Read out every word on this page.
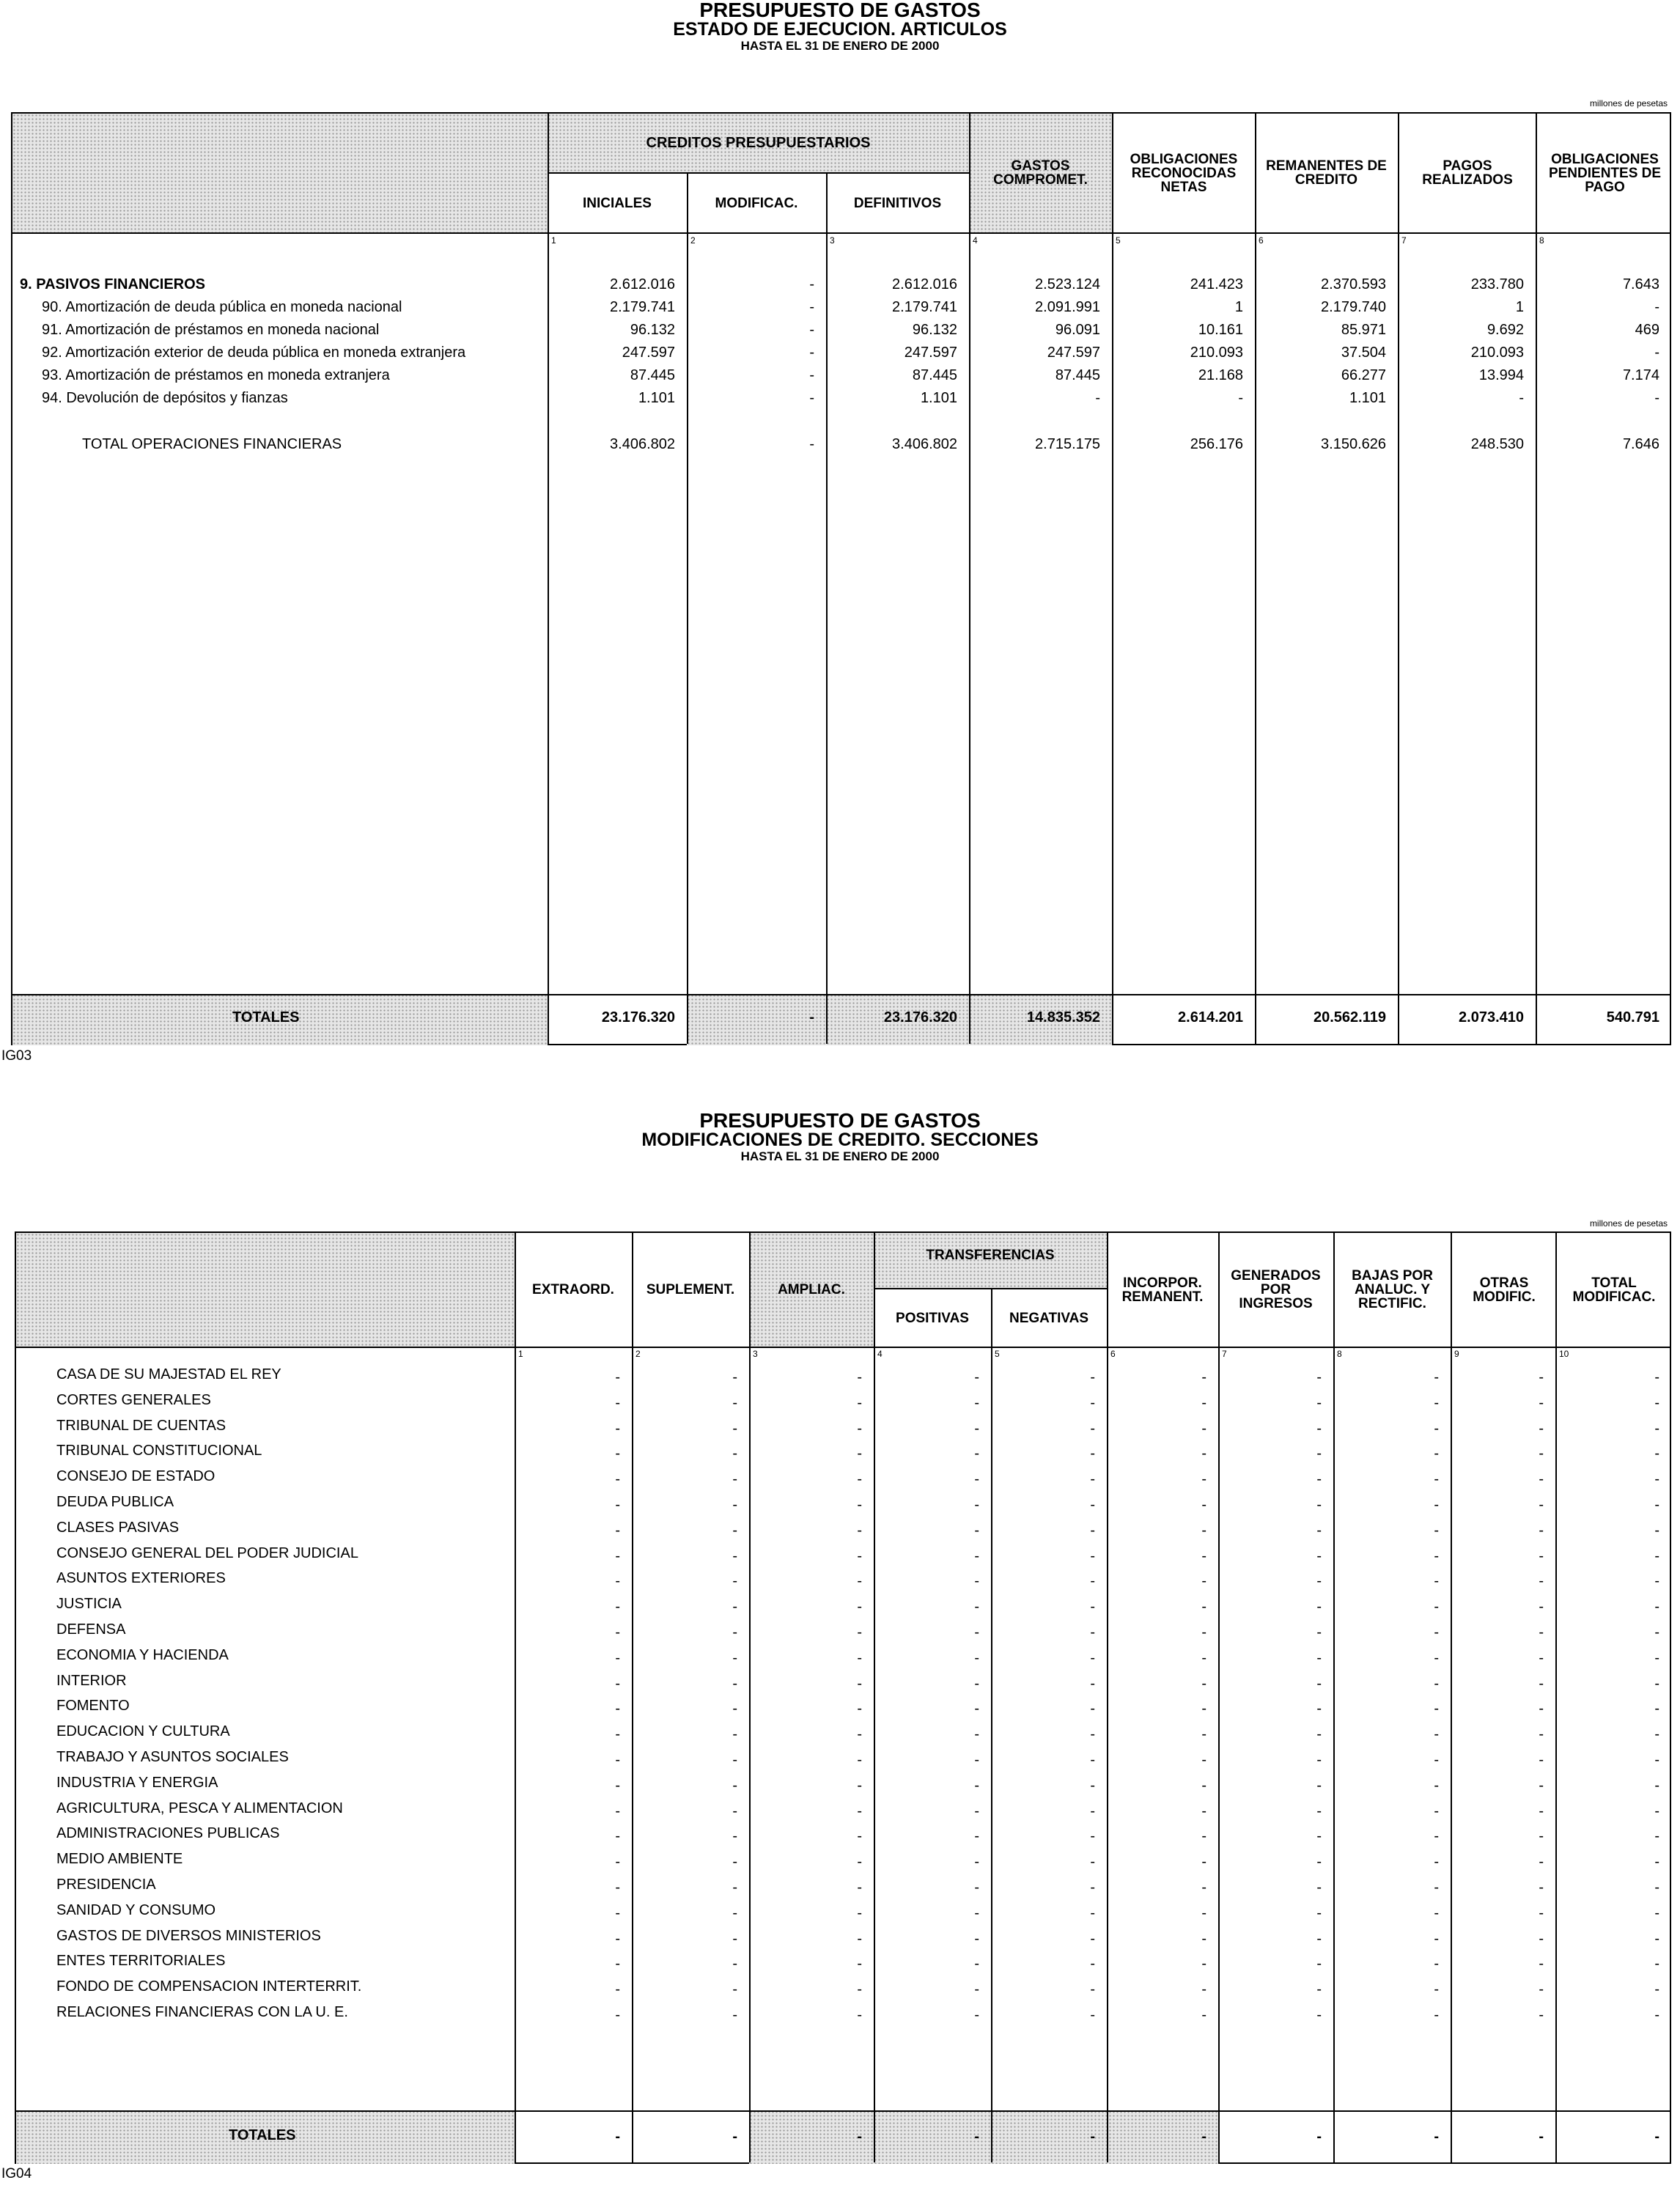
PRESUPUESTO DE GASTOS
ESTADO DE EJECUCION. ARTICULOS
HASTA EL 31 DE ENERO DE 2000
millones de pesetas
CREDITOS PRESUPUESTARIOS
INICIALES	MODIFICAC.	DEFINITIVOS
GASTOS COMPROMET.
OBLIGACIONES RECONOCIDAS NETAS
REMANENTES DE CREDITO
PAGOS REALIZADOS
OBLIGACIONES PENDIENTES DE PAGO
1	2	3	4	5	6	7	8
9. PASIVOS FINANCIEROS	2.612.016	-	2.612.016	2.523.124	241.423	2.370.593	233.780	7.643
90. Amortización de deuda pública en moneda nacional	2.179.741	-	2.179.741	2.091.991	1	2.179.740	1	-
91. Amortización de préstamos en moneda nacional	96.132	-	96.132	96.091	10.161	85.971	9.692	469
92. Amortización exterior de deuda pública en moneda extranjera	247.597	-	247.597	247.597	210.093	37.504	210.093	-
93. Amortización de préstamos en moneda extranjera	87.445	-	87.445	87.445	21.168	66.277	13.994	7.174
94. Devolución de depósitos y fianzas	1.101	-	1.101	-	-	1.101	-	-
TOTAL OPERACIONES FINANCIERAS	3.406.802	-	3.406.802	2.715.175	256.176	3.150.626	248.530	7.646
TOTALES	23.176.320	-	23.176.320	14.835.352	2.614.201	20.562.119	2.073.410	540.791
IG03
PRESUPUESTO DE GASTOS
MODIFICACIONES DE CREDITO. SECCIONES
HASTA EL 31 DE ENERO DE 2000
millones de pesetas
EXTRAORD.	SUPLEMENT.	AMPLIAC.
TRANSFERENCIAS
POSITIVAS	NEGATIVAS
INCORPOR. REMANENT.
GENERADOS POR INGRESOS
BAJAS POR ANALUC. Y RECTIFIC.
OTRAS MODIFIC.
TOTAL MODIFICAC.
1	2	3	4	5	6	7	8	9	10
CASA DE SU MAJESTAD EL REY	-	-	-	-	-	-	-	-	-	-
CORTES GENERALES	-	-	-	-	-	-	-	-	-	-
TRIBUNAL DE CUENTAS	-	-	-	-	-	-	-	-	-	-
TRIBUNAL CONSTITUCIONAL	-	-	-	-	-	-	-	-	-	-
CONSEJO DE ESTADO	-	-	-	-	-	-	-	-	-	-
DEUDA PUBLICA	-	-	-	-	-	-	-	-	-	-
CLASES PASIVAS	-	-	-	-	-	-	-	-	-	-
CONSEJO GENERAL DEL PODER JUDICIAL	-	-	-	-	-	-	-	-	-	-
ASUNTOS EXTERIORES	-	-	-	-	-	-	-	-	-	-
JUSTICIA	-	-	-	-	-	-	-	-	-	-
DEFENSA	-	-	-	-	-	-	-	-	-	-
ECONOMIA Y HACIENDA	-	-	-	-	-	-	-	-	-	-
INTERIOR	-	-	-	-	-	-	-	-	-	-
FOMENTO	-	-	-	-	-	-	-	-	-	-
EDUCACION Y CULTURA	-	-	-	-	-	-	-	-	-	-
TRABAJO Y ASUNTOS SOCIALES	-	-	-	-	-	-	-	-	-	-
INDUSTRIA Y ENERGIA	-	-	-	-	-	-	-	-	-	-
AGRICULTURA, PESCA Y ALIMENTACION	-	-	-	-	-	-	-	-	-	-
ADMINISTRACIONES PUBLICAS	-	-	-	-	-	-	-	-	-	-
MEDIO AMBIENTE	-	-	-	-	-	-	-	-	-	-
PRESIDENCIA	-	-	-	-	-	-	-	-	-	-
SANIDAD Y CONSUMO	-	-	-	-	-	-	-	-	-	-
GASTOS DE DIVERSOS MINISTERIOS	-	-	-	-	-	-	-	-	-	-
ENTES TERRITORIALES	-	-	-	-	-	-	-	-	-	-
FONDO DE COMPENSACION INTERTERRIT.	-	-	-	-	-	-	-	-	-	-
RELACIONES FINANCIERAS CON LA U. E.	-	-	-	-	-	-	-	-	-	-
TOTALES	-	-	-	-	-	-	-	-	-	-
IG04
